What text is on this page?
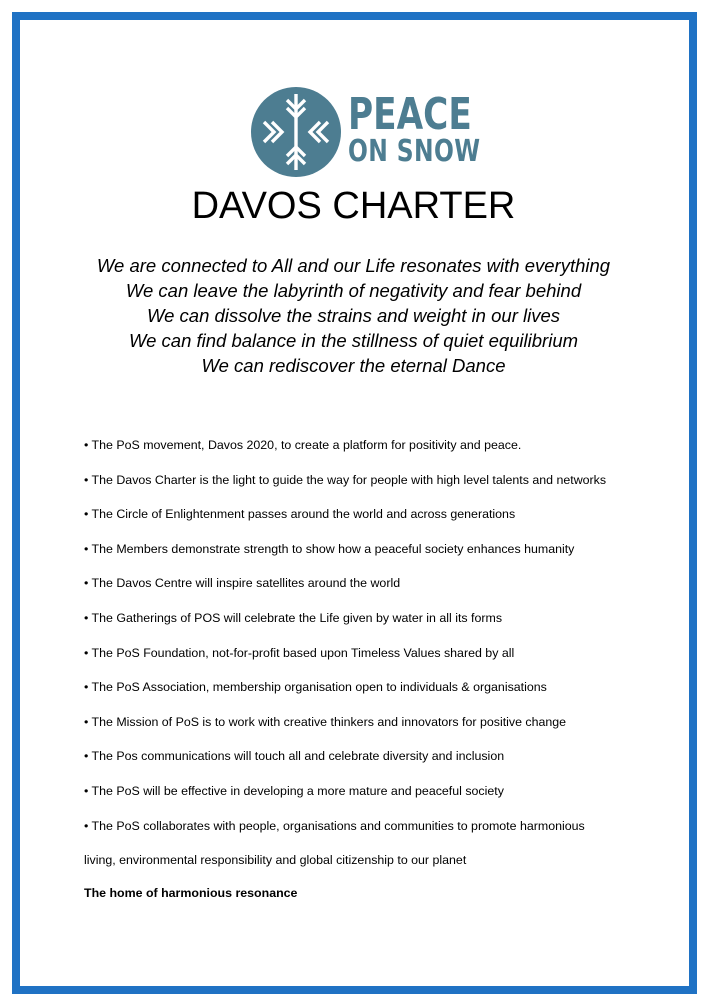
PEACE
ON SNOW
DAVOS CHARTER
We are connected to All and our Life resonates with everything
We can leave the labyrinth of negativity and fear behind
We can dissolve the strains and weight in our lives
We can find balance in the stillness of quiet equilibrium
We can rediscover the eternal Dance
• The PoS movement, Davos 2020, to create a platform for positivity and peace.
• The Davos Charter is the light to guide the way for people with high level talents and networks
• The Circle of Enlightenment passes around the world and across generations
• The Members demonstrate strength to show how a peaceful society enhances humanity
• The Davos Centre will inspire satellites around the world
• The Gatherings of POS will celebrate the Life given by water in all its forms
• The PoS Foundation, not-for-profit based upon Timeless Values shared by all
• The PoS Association, membership organisation open to individuals & organisations
• The Mission of PoS is to work with creative thinkers and innovators for positive change
• The Pos communications will touch all and celebrate diversity and inclusion
• The PoS will be effective in developing a more mature and peaceful society
• The PoS collaborates with people, organisations and communities to promote harmonious
living, environmental responsibility and global citizenship to our planet
The home of harmonious resonance
